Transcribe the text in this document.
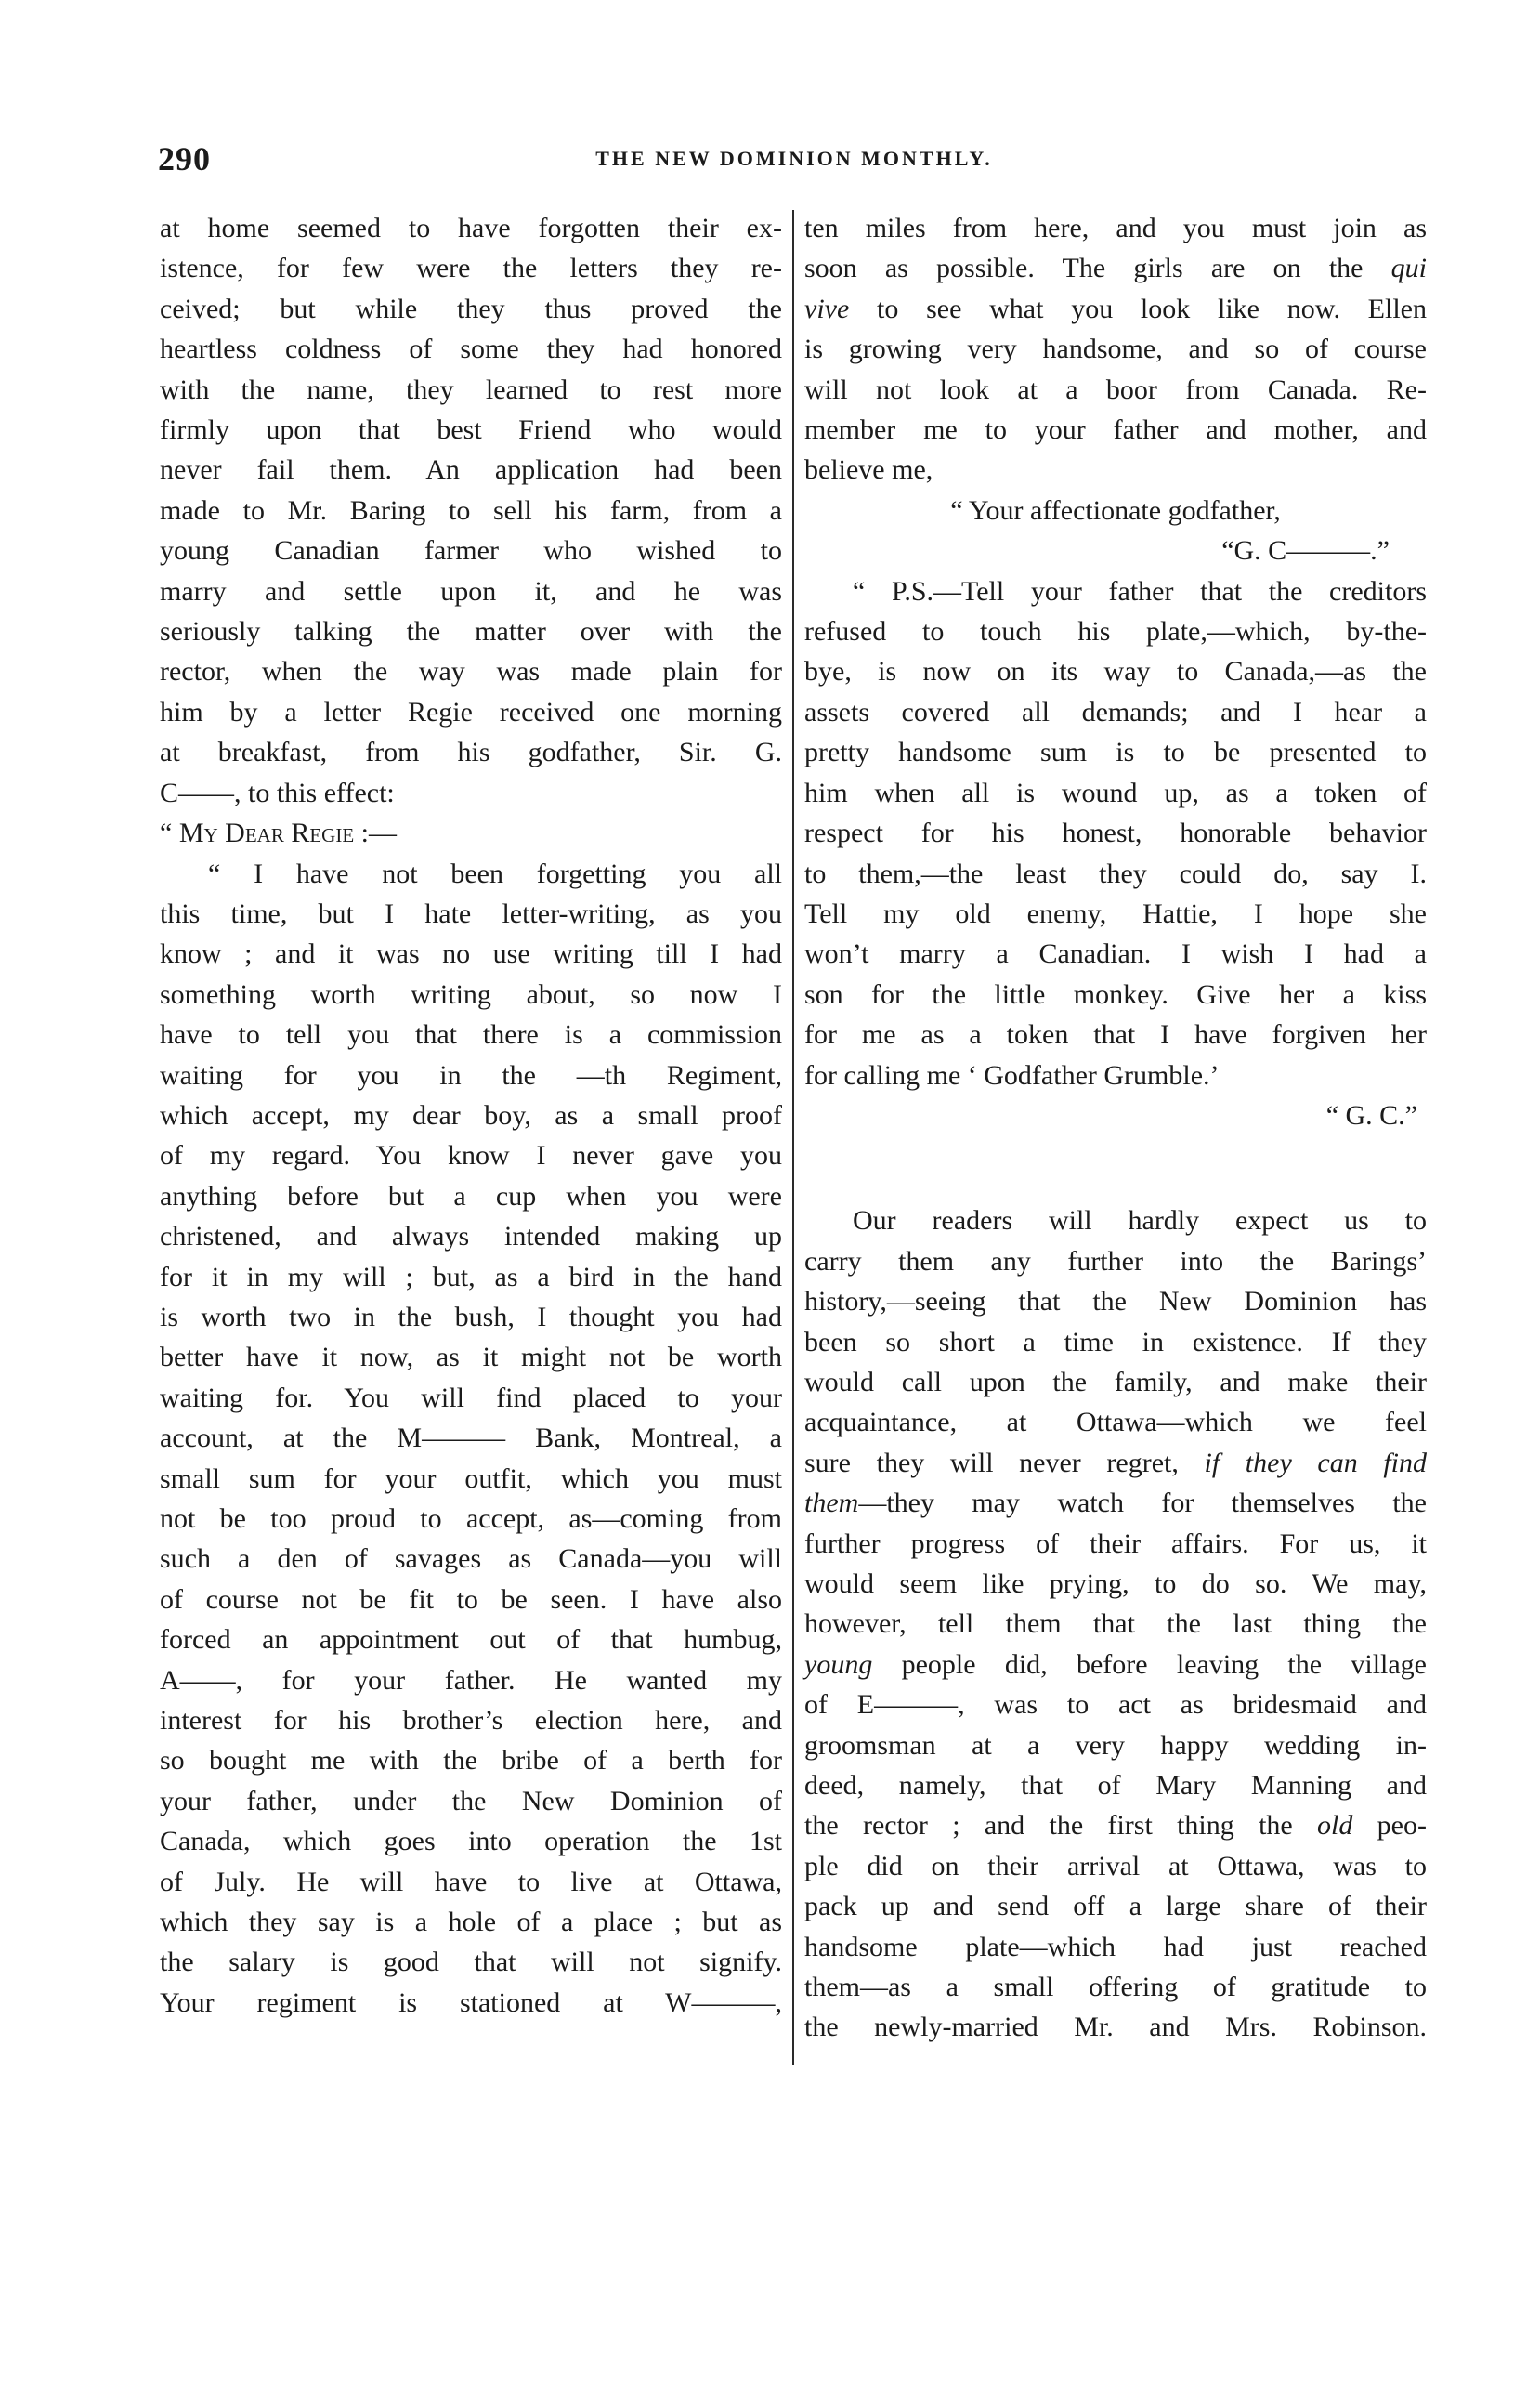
290	THE NEW DOMINION MONTHLY.
at home seemed to have forgotten their ex-
istence, for few were the letters they re-
ceived; but while they thus proved the
heartless coldness of some they had honored
with the name, they learned to rest more
firmly upon that best Friend who would
never fail them. An application had been
made to Mr. Baring to sell his farm, from a
young Canadian farmer who wished to
marry and settle upon it, and he was
seriously talking the matter over with the
rector, when the way was made plain for
him by a letter Regie received one morning
at breakfast, from his godfather, Sir. G.
C——, to this effect:
“ My Dear Regie :—
“ I have not been forgetting you all
this time, but I hate letter-writing, as you
know ; and it was no use writing till I had
something worth writing about, so now I
have to tell you that there is a commission
waiting for you in the —th Regiment,
which accept, my dear boy, as a small proof
of my regard. You know I never gave you
anything before but a cup when you were
christened, and always intended making up
for it in my will ; but, as a bird in the hand
is worth two in the bush, I thought you had
better have it now, as it might not be worth
waiting for. You will find placed to your
account, at the M——— Bank, Montreal, a
small sum for your outfit, which you must
not be too proud to accept, as—coming from
such a den of savages as Canada—you will
of course not be fit to be seen. I have also
forced an appointment out of that humbug,
A——, for your father. He wanted my
interest for his brother’s election here, and
so bought me with the bribe of a berth for
your father, under the New Dominion of
Canada, which goes into operation the 1st
of July. He will have to live at Ottawa,
which they say is a hole of a place ; but as
the salary is good that will not signify.
Your regiment is stationed at W———,
ten miles from here, and you must join as
soon as possible. The girls are on the qui
vive to see what you look like now. Ellen
is growing very handsome, and so of course
will not look at a boor from Canada. Re-
member me to your father and mother, and
believe me,
“ Your affectionate godfather,
“G. C———.”
“ P.S.—Tell your father that the creditors
refused to touch his plate,—which, by-the-
bye, is now on its way to Canada,—as the
assets covered all demands; and I hear a
pretty handsome sum is to be presented to
him when all is wound up, as a token of
respect for his honest, honorable behavior
to them,—the least they could do, say I.
Tell my old enemy, Hattie, I hope she
won’t marry a Canadian. I wish I had a
son for the little monkey. Give her a kiss
for me as a token that I have forgiven her
for calling me ‘ Godfather Grumble.’
“ G. C.”
Our readers will hardly expect us to
carry them any further into the Barings’
history,—seeing that the New Dominion has
been so short a time in existence. If they
would call upon the family, and make their
acquaintance, at Ottawa—which we feel
sure they will never regret, if they can find
them—they may watch for themselves the
further progress of their affairs. For us, it
would seem like prying, to do so. We may,
however, tell them that the last thing the
young people did, before leaving the village
of E———, was to act as bridesmaid and
groomsman at a very happy wedding in-
deed, namely, that of Mary Manning and
the rector ; and the first thing the old peo-
ple did on their arrival at Ottawa, was to
pack up and send off a large share of their
handsome plate—which had just reached
them—as a small offering of gratitude to
the newly-married Mr. and Mrs. Robinson.
